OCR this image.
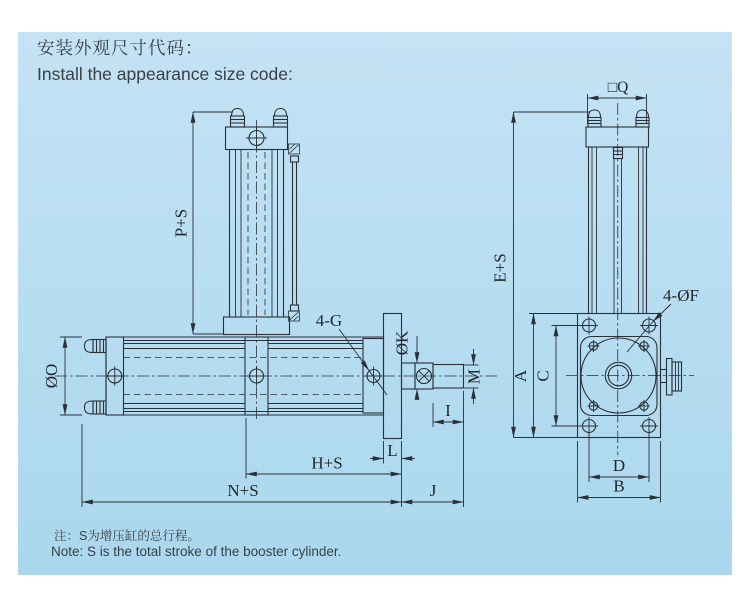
安装外观尺寸代码：
Install the appearance size code:
P+S
ØO
4-G
ØK
M
I
L
H+S
N+S	J
□Q
E+S
A C
4-ØF
D
B
注：S为增压缸的总行程。
Note: S is the total stroke of the booster cylinder.
